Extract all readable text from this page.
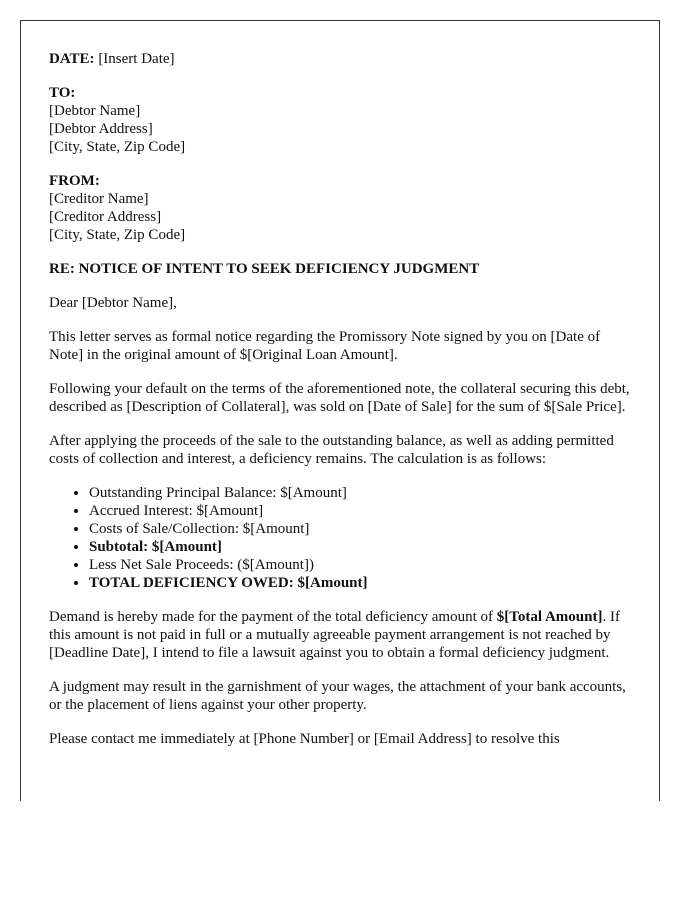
DATE: [Insert Date]

TO:
[Debtor Name]
[Debtor Address]
[City, State, Zip Code]

FROM:
[Creditor Name]
[Creditor Address]
[City, State, Zip Code]

RE: NOTICE OF INTENT TO SEEK DEFICIENCY JUDGMENT

Dear [Debtor Name],

This letter serves as formal notice regarding the Promissory Note signed by you on [Date of Note] in the original amount of $[Original Loan Amount].

Following your default on the terms of the aforementioned note, the collateral securing this debt, described as [Description of Collateral], was sold on [Date of Sale] for the sum of $[Sale Price].

After applying the proceeds of the sale to the outstanding balance, as well as adding permitted costs of collection and interest, a deficiency remains. The calculation is as follows:

• Outstanding Principal Balance: $[Amount]
• Accrued Interest: $[Amount]
• Costs of Sale/Collection: $[Amount]
• Subtotal: $[Amount]
• Less Net Sale Proceeds: ($[Amount])
• TOTAL DEFICIENCY OWED: $[Amount]

Demand is hereby made for the payment of the total deficiency amount of $[Total Amount]. If this amount is not paid in full or a mutually agreeable payment arrangement is not reached by [Deadline Date], I intend to file a lawsuit against you to obtain a formal deficiency judgment.

A judgment may result in the garnishment of your wages, the attachment of your bank accounts, or the placement of liens against your other property.

Please contact me immediately at [Phone Number] or [Email Address] to resolve this
